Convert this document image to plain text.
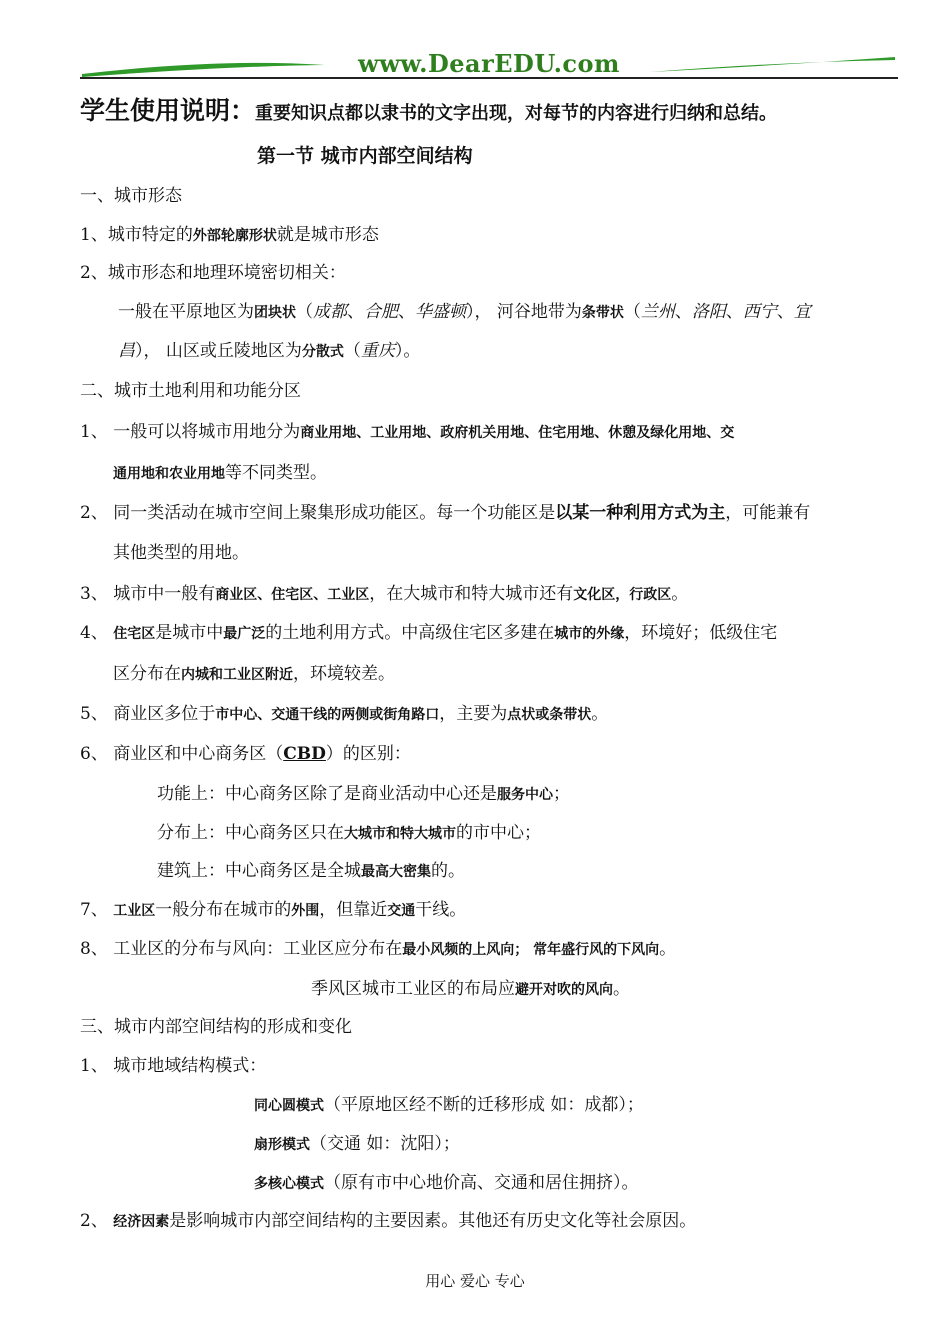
www.DearEDU.com
学生使用说明：重要知识点都以隶书的文字出现，对每节的内容进行归纳和总结。
第一节 城市内部空间结构
一、城市形态
1、城市特定的外部轮廓形状就是城市形态
2、城市形态和地理环境密切相关：
一般在平原地区为团块状（成都、合肥、华盛顿）， 河谷地带为条带状（兰州、洛阳、西宁、宜
昌）， 山区或丘陵地区为分散式（重庆）。
二、城市土地利用和功能分区
1、 一般可以将城市用地分为商业用地、工业用地、政府机关用地、住宅用地、休憩及绿化用地、交
通用地和农业用地等不同类型。
2、 同一类活动在城市空间上聚集形成功能区。每一个功能区是以某一种利用方式为主，可能兼有
其他类型的用地。
3、 城市中一般有商业区、住宅区、工业区，在大城市和特大城市还有文化区，行政区。
4、 住宅区是城市中最广泛的土地利用方式。中高级住宅区多建在城市的外缘，环境好；低级住宅
区分布在内城和工业区附近，环境较差。
5、 商业区多位于市中心、交通干线的两侧或街角路口，主要为点状或条带状。
6、 商业区和中心商务区（CBD）的区别：
功能上：中心商务区除了是商业活动中心还是服务中心；
分布上：中心商务区只在大城市和特大城市的市中心；
建筑上：中心商务区是全城最高大密集的。
7、 工业区一般分布在城市的外围，但靠近交通干线。
8、 工业区的分布与风向：工业区应分布在最小风频的上风向； 常年盛行风的下风向。
季风区城市工业区的布局应避开对吹的风向。
三、城市内部空间结构的形成和变化
1、 城市地域结构模式：
同心圆模式（平原地区经不断的迁移形成 如：成都）；
扇形模式（交通 如：沈阳）；
多核心模式（原有市中心地价高、交通和居住拥挤）。
2、 经济因素是影响城市内部空间结构的主要因素。其他还有历史文化等社会原因。
用心 爱心 专心
